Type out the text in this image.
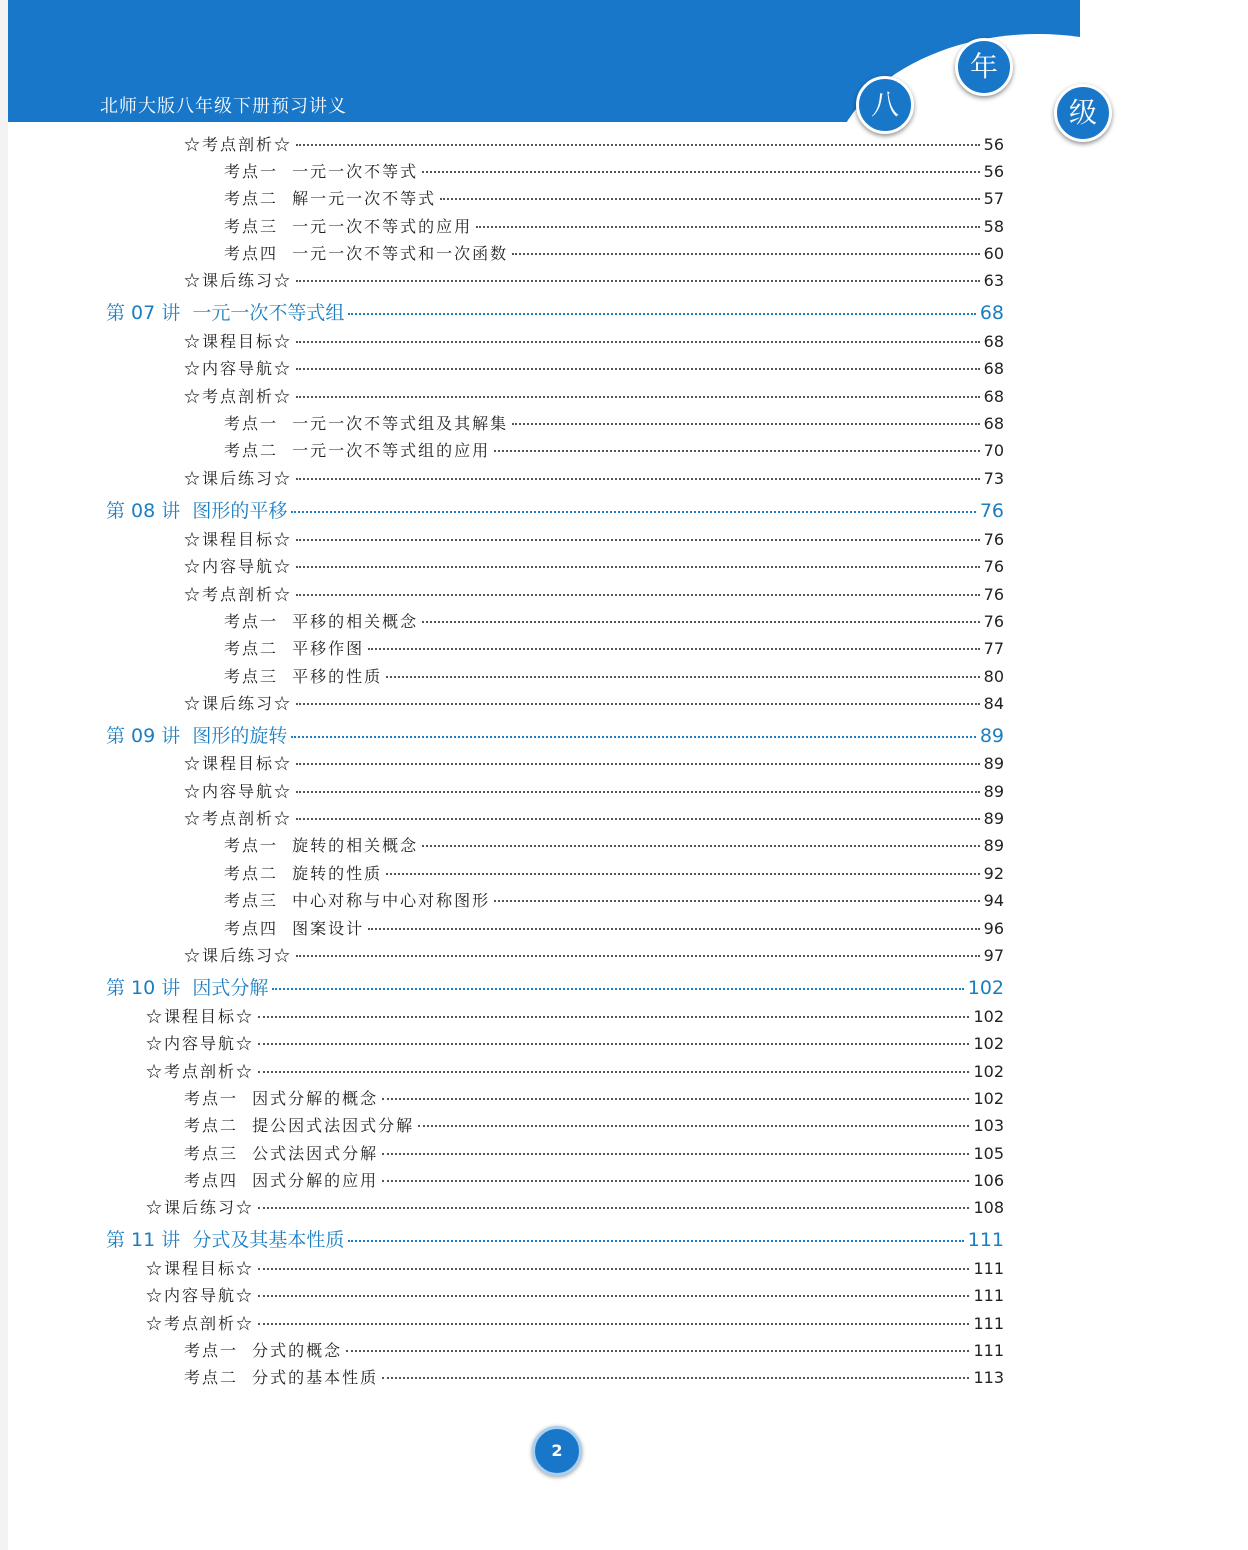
北师大版八年级下册预习讲义	八
年
级
☆考点剖析☆	56
考点一  一元一次不等式	56
考点二  解一元一次不等式	57
考点三  一元一次不等式的应用	58
考点四  一元一次不等式和一次函数	60
☆课后练习☆	63
第 07 讲  一元一次不等式组	68
☆课程目标☆	68
☆内容导航☆	68
☆考点剖析☆	68
考点一  一元一次不等式组及其解集	68
考点二  一元一次不等式组的应用	70
☆课后练习☆	73
第 08 讲  图形的平移	76
☆课程目标☆	76
☆内容导航☆	76
☆考点剖析☆	76
考点一  平移的相关概念	76
考点二  平移作图	77
考点三  平移的性质	80
☆课后练习☆	84
第 09 讲  图形的旋转	89
☆课程目标☆	89
☆内容导航☆	89
☆考点剖析☆	89
考点一  旋转的相关概念	89
考点二  旋转的性质	92
考点三  中心对称与中心对称图形	94
考点四  图案设计	96
☆课后练习☆	97
第 10 讲  因式分解	102
☆课程目标☆	102
☆内容导航☆	102
☆考点剖析☆	102
考点一  因式分解的概念	102
考点二  提公因式法因式分解	103
考点三  公式法因式分解	105
考点四  因式分解的应用	106
☆课后练习☆	108
第 11 讲  分式及其基本性质	111
☆课程目标☆	111
☆内容导航☆	111
☆考点剖析☆	111
考点一  分式的概念	111
考点二  分式的基本性质	113
2
